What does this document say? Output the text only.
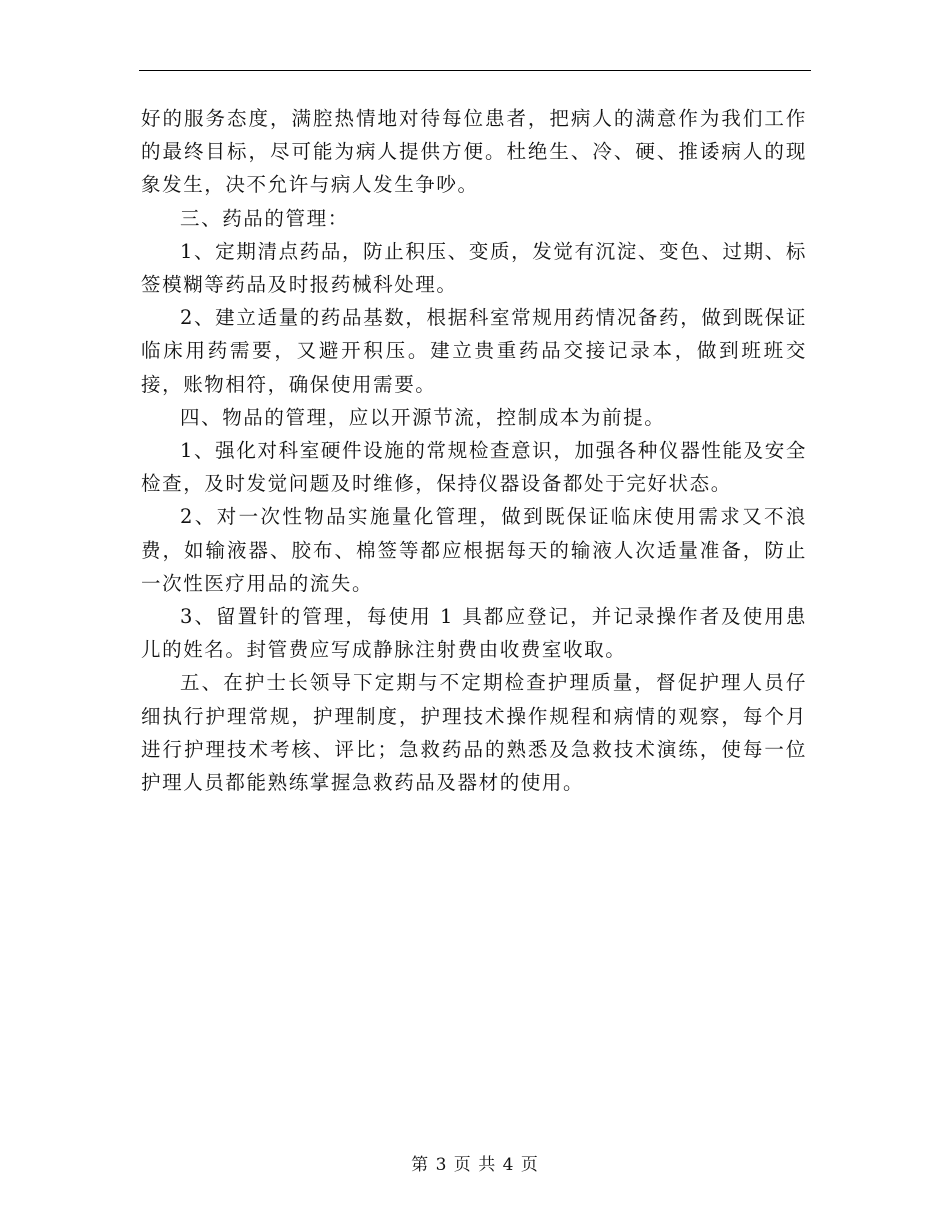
好的服务态度，满腔热情地对待每位患者，把病人的满意作为我们工作的最终目标，尽可能为病人提供方便。杜绝生、冷、硬、推诿病人的现象发生，决不允许与病人发生争吵。

三、药品的管理：

1、定期清点药品，防止积压、变质，发觉有沉淀、变色、过期、标签模糊等药品及时报药械科处理。

2、建立适量的药品基数，根据科室常规用药情况备药，做到既保证临床用药需要，又避开积压。建立贵重药品交接记录本，做到班班交接，账物相符，确保使用需要。

四、物品的管理，应以开源节流，控制成本为前提。

1、强化对科室硬件设施的常规检查意识，加强各种仪器性能及安全检查，及时发觉问题及时维修，保持仪器设备都处于完好状态。

2、对一次性物品实施量化管理，做到既保证临床使用需求又不浪费，如输液器、胶布、棉签等都应根据每天的输液人次适量准备，防止一次性医疗用品的流失。

3、留置针的管理，每使用 1 具都应登记，并记录操作者及使用患儿的姓名。封管费应写成静脉注射费由收费室收取。

五、在护士长领导下定期与不定期检查护理质量，督促护理人员仔细执行护理常规，护理制度，护理技术操作规程和病情的观察，每个月进行护理技术考核、评比；急救药品的熟悉及急救技术演练，使每一位护理人员都能熟练掌握急救药品及器材的使用。

第 3 页 共 4 页
